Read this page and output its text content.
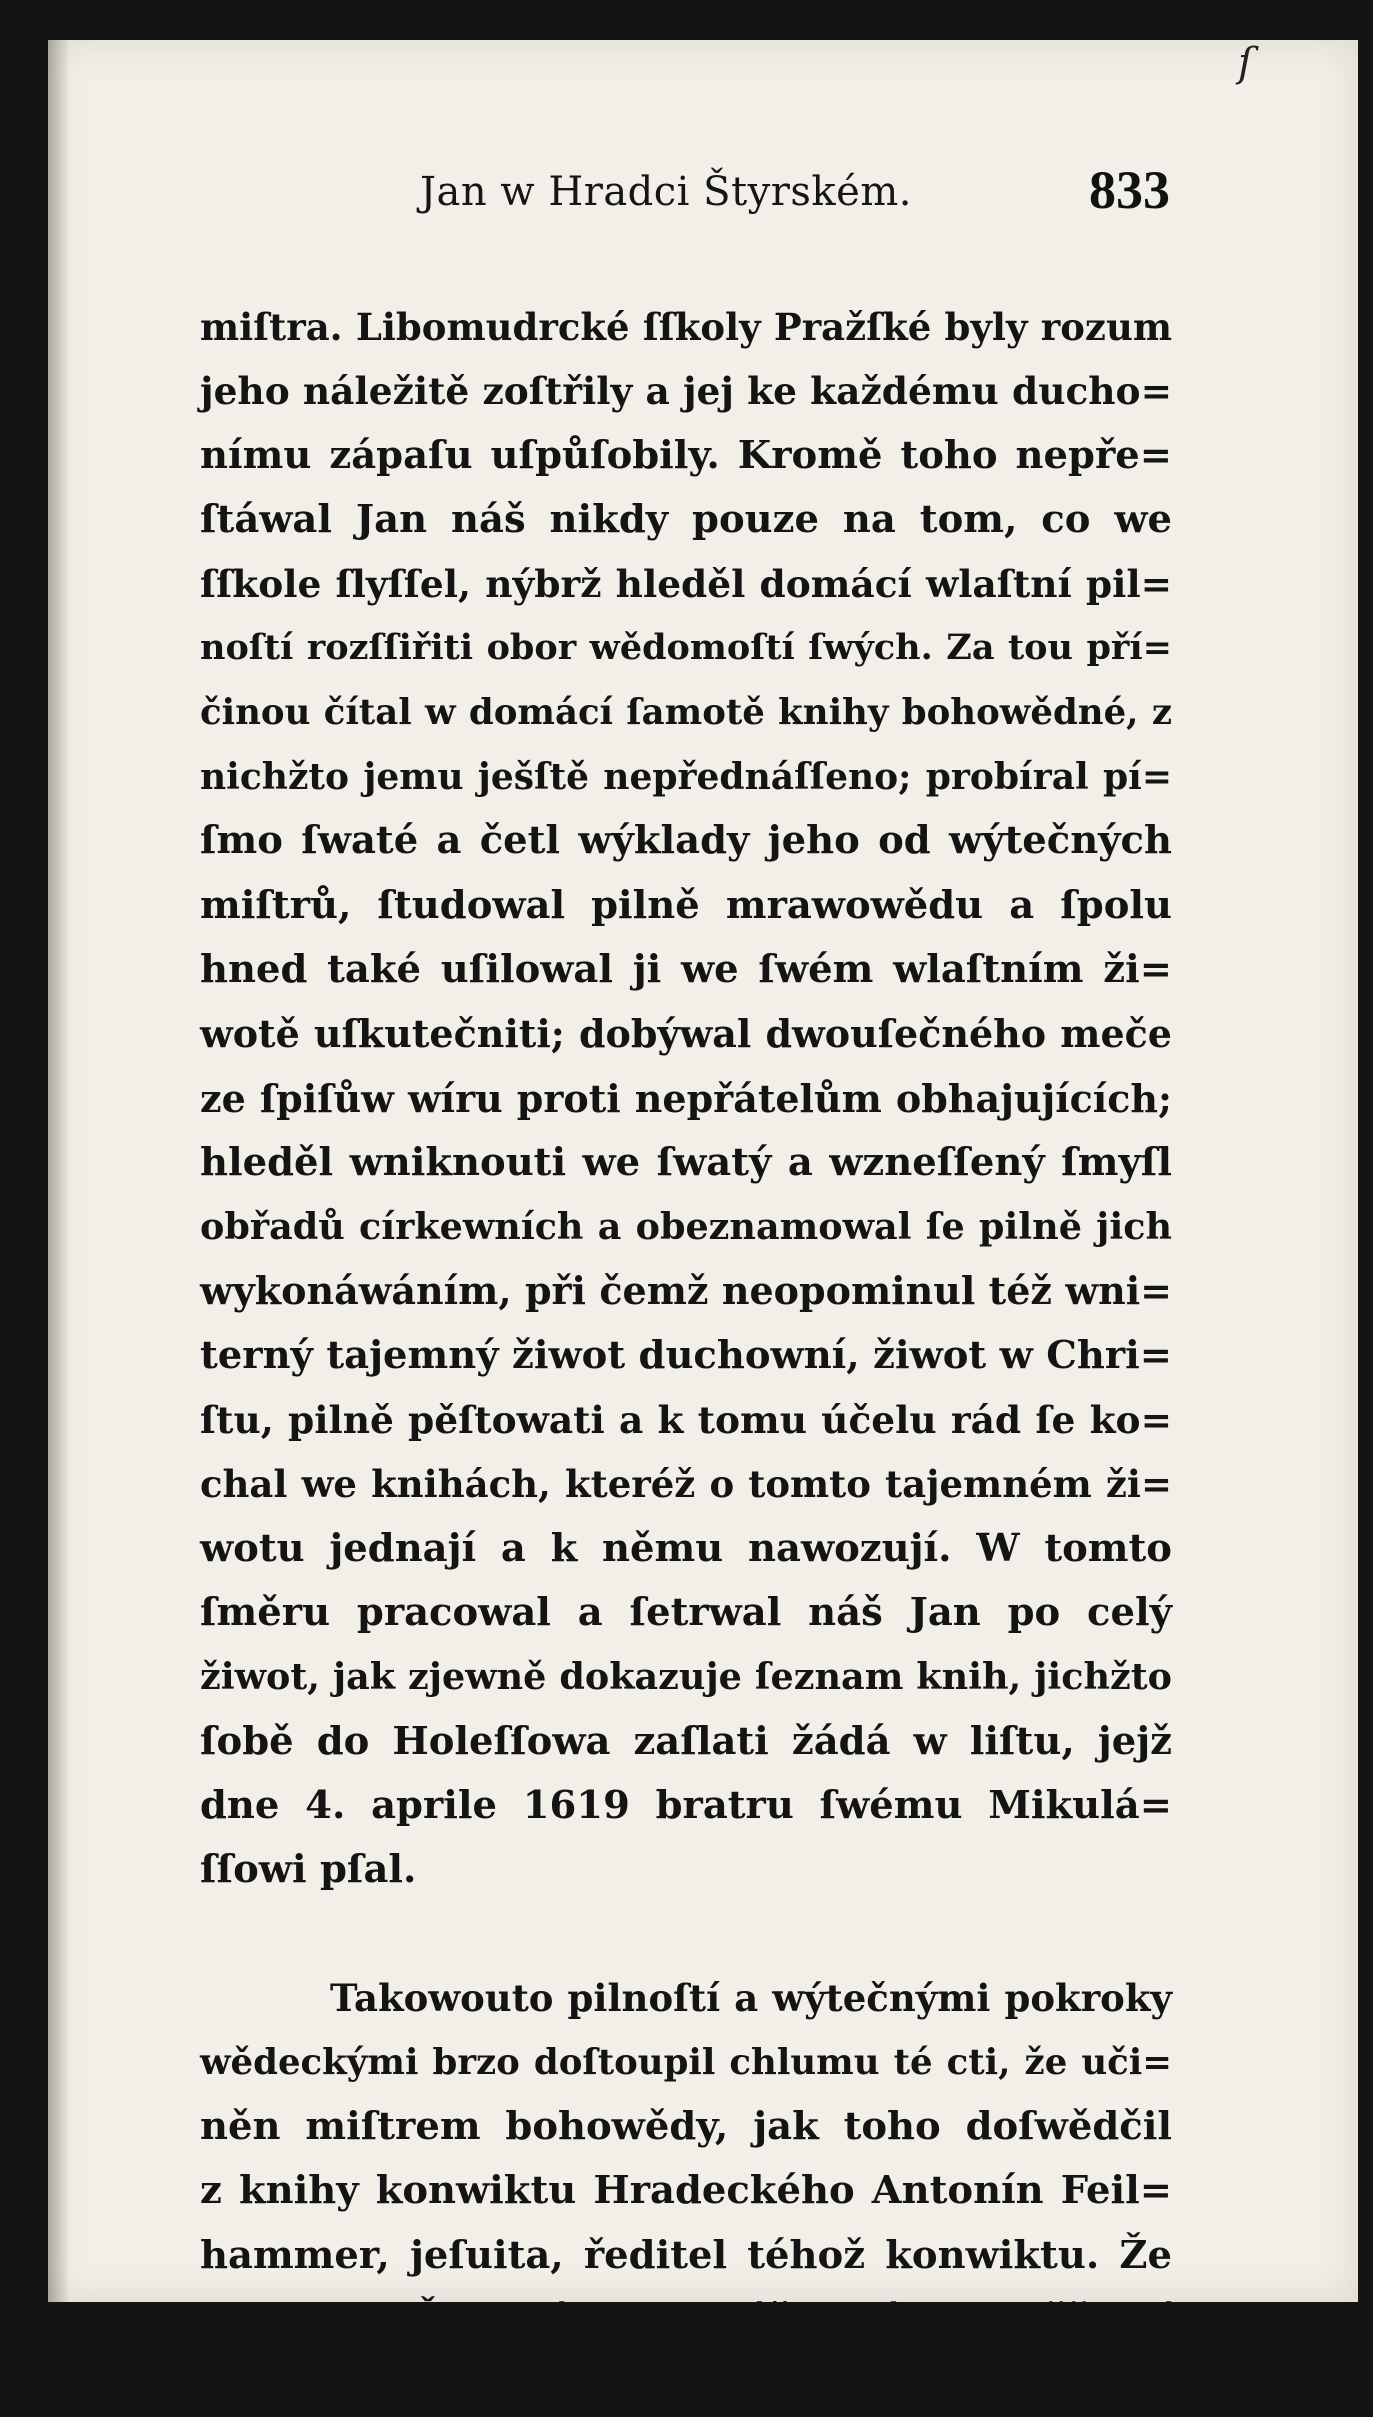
ſ
Jan w Hradci Štyrském.	833
miſtra. Libomudrcké ſſkoly Pražſké byly rozum
jeho náležitě zoſtřily a jej ke každému ducho=
nímu zápaſu uſpůſobily. Kromě toho nepře=
ſtáwal Jan náš nikdy pouze na tom, co we
ſſkole ſlyſſel, nýbrž hleděl domácí wlaſtní pil=
noſtí rozſſiřiti obor wědomoſtí ſwých. Za tou pří=
činou čítal w domácí ſamotě knihy bohowědné, z
nichžto jemu ješſtě nepřednáſſeno; probíral pí=
ſmo ſwaté a četl wýklady jeho od wýtečných
miſtrů, ſtudowal pilně mrawowědu a ſpolu
hned také uſilowal ji we ſwém wlaſtním ži=
wotě uſkutečniti; dobýwal dwouſečného meče
ze ſpiſůw wíru proti nepřátelům obhajujících;
hleděl wniknouti we ſwatý a wzneſſený ſmyſl
obřadů církewních a obeznamowal ſe pilně jich
wykonáwáním, při čemž neopominul též wni=
terný tajemný žiwot duchowní, žiwot w Chri=
ſtu, pilně pěſtowati a k tomu účelu rád ſe ko=
chal we knihách, kteréž o tomto tajemném ži=
wotu jednají a k němu nawozují. W tomto
ſměru pracowal a ſetrwal náš Jan po celý
žiwot, jak zjewně dokazuje ſeznam knih, jichžto
ſobě do Holeſſowa zaſlati žádá w liſtu, jejž
dne 4. aprile 1619 bratru ſwému Mikulá=
ſſowi pſal.
Takowouto pilnoſtí a wýtečnými pokroky
wědeckými brzo doſtoupil chlumu té cti, že uči=
něn miſtrem bohowědy, jak toho doſwědčil
z knihy konwiktu Hradeckého Antonín Feil=
hammer, jeſuita, ředitel téhož konwiktu. Že
w Hradci Štyrſkém Jan náš také na kněžſtwí
poſwěcen, dokázal Antonín Wocký, jeſuita,
